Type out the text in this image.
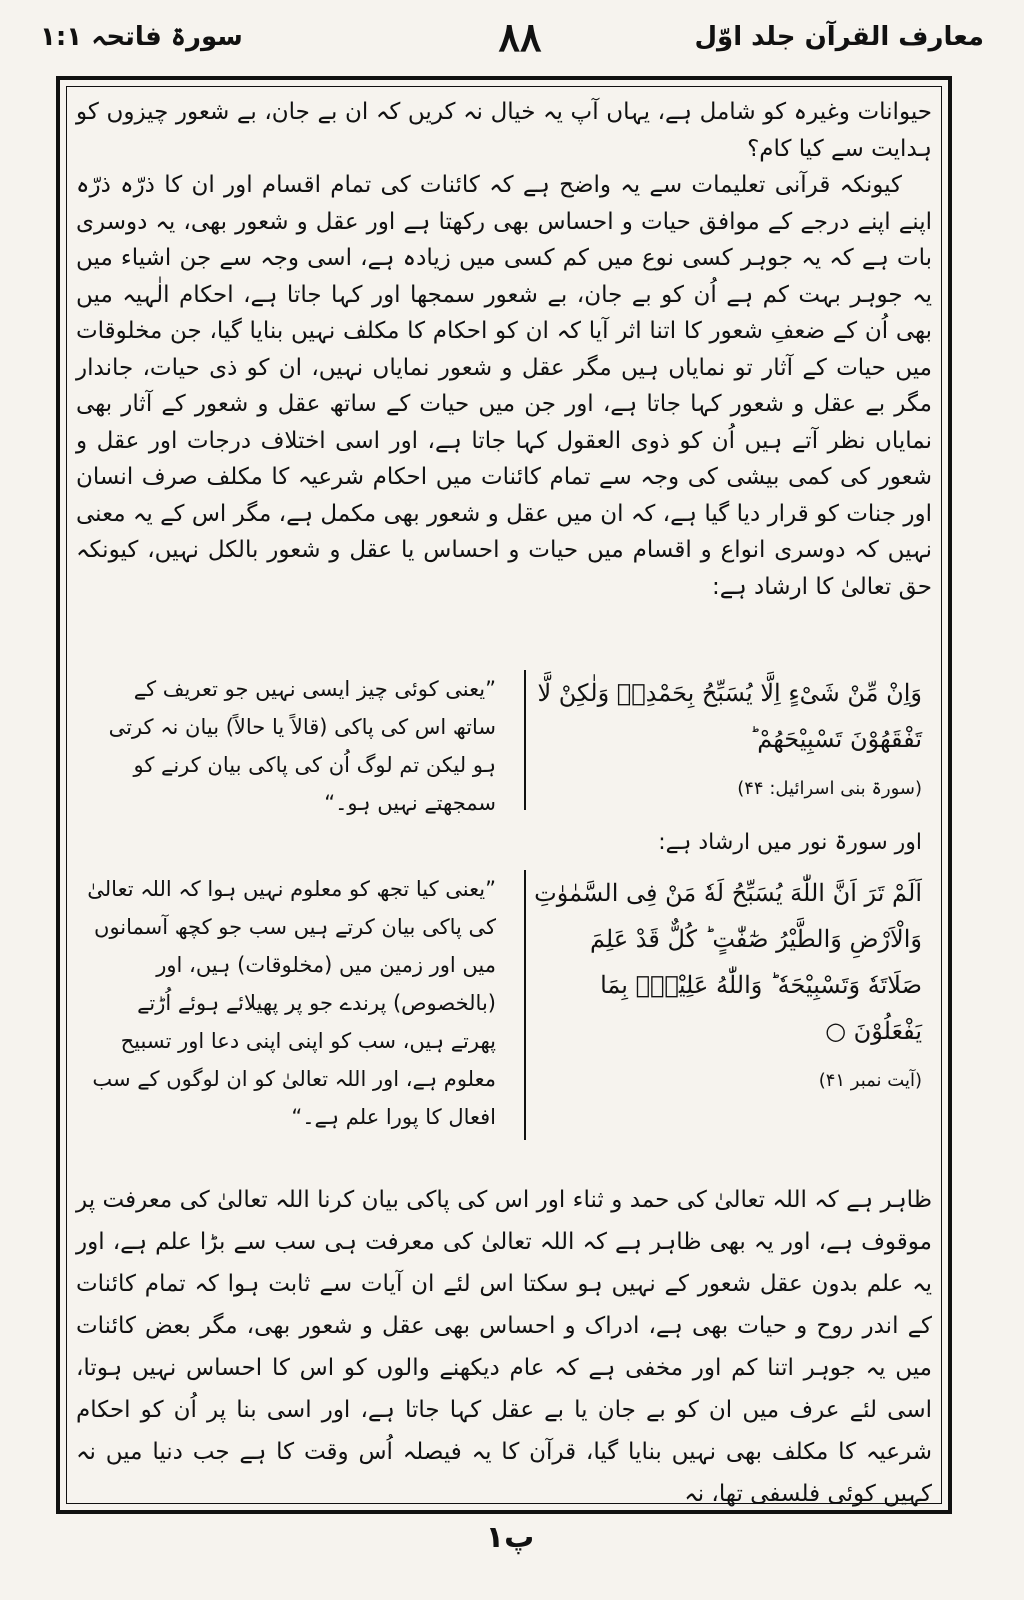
معارف القرآن جلد اوّل
٨٨
سورۃ فاتحہ ۱:۱

حیوانات وغیرہ کو شامل ہے، یہاں آپ یہ خیال نہ کریں کہ ان بے جان، بے شعور چیزوں کو ہدایت سے کیا کام؟

کیونکہ قرآنی تعلیمات سے یہ واضح ہے کہ کائنات کی تمام اقسام اور ان کا ذرّہ ذرّہ اپنے اپنے درجے کے موافق حیات و احساس بھی رکھتا ہے اور عقل و شعور بھی، یہ دوسری بات ہے کہ یہ جوہر کسی نوع میں کم کسی میں زیادہ ہے، اسی وجہ سے جن اشیاء میں یہ جوہر بہت کم ہے اُن کو بے جان، بے شعور سمجھا اور کہا جاتا ہے، احکام الٰہیہ میں بھی اُن کے ضعفِ شعور کا اتنا اثر آیا کہ ان کو احکام کا مکلف نہیں بنایا گیا، جن مخلوقات میں حیات کے آثار تو نمایاں ہیں مگر عقل و شعور نمایاں نہیں، ان کو ذی حیات، جاندار مگر بے عقل و شعور کہا جاتا ہے، اور جن میں حیات کے ساتھ عقل و شعور کے آثار بھی نمایاں نظر آتے ہیں اُن کو ذوی العقول کہا جاتا ہے، اور اسی اختلاف درجات اور عقل و شعور کی کمی بیشی کی وجہ سے تمام کائنات میں احکام شرعیہ کا مکلف صرف انسان اور جنات کو قرار دیا گیا ہے، کہ ان میں عقل و شعور بھی مکمل ہے، مگر اس کے یہ معنی نہیں کہ دوسری انواع و اقسام میں حیات و احساس یا عقل و شعور بالکل نہیں، کیونکہ حق تعالیٰ کا ارشاد ہے:

وَاِنْ مِّنْ شَیْءٍ اِلَّا یُسَبِّحُ بِحَمْدِهٖ وَلٰكِنْ لَّا تَفْقَهُوْنَ تَسْبِیْحَهُمْ ؕ
(سورۃ بنی اسرائیل: ۴۴)
”یعنی کوئی چیز ایسی نہیں جو تعریف کے ساتھ اس کی پاکی (قالاً یا حالاً) بیان نہ کرتی ہو لیکن تم لوگ اُن کی پاکی بیان کرنے کو سمجھتے نہیں ہو۔“
اور سورۃ نور میں ارشاد ہے:
اَلَمْ تَرَ اَنَّ اللّٰهَ یُسَبِّحُ لَهٗ مَنْ فِی السَّمٰوٰتِ وَالْاَرْضِ وَالطَّیْرُ صٰٓفّٰتٍ ؕ كُلٌّ قَدْ عَلِمَ صَلَاتَهٗ وَتَسْبِیْحَهٗ ؕ وَاللّٰهُ عَلِیْمٌۢ بِمَا یَفْعَلُوْنَ ○
(آیت نمبر ۴۱)
”یعنی کیا تجھ کو معلوم نہیں ہوا کہ اللہ تعالیٰ کی پاکی بیان کرتے ہیں سب جو کچھ آسمانوں میں اور زمین میں (مخلوقات) ہیں، اور (بالخصوص) پرندے جو پر پھیلائے ہوئے اُڑتے پھرتے ہیں، سب کو اپنی اپنی دعا اور تسبیح معلوم ہے، اور اللہ تعالیٰ کو ان لوگوں کے سب افعال کا پورا علم ہے۔“

ظاہر ہے کہ اللہ تعالیٰ کی حمد و ثناء اور اس کی پاکی بیان کرنا اللہ تعالیٰ کی معرفت پر موقوف ہے، اور یہ بھی ظاہر ہے کہ اللہ تعالیٰ کی معرفت ہی سب سے بڑا علم ہے، اور یہ علم بدون عقل شعور کے نہیں ہو سکتا اس لئے ان آیات سے ثابت ہوا کہ تمام کائنات کے اندر روح و حیات بھی ہے، ادراک و احساس بھی عقل و شعور بھی، مگر بعض کائنات میں یہ جوہر اتنا کم اور مخفی ہے کہ عام دیکھنے والوں کو اس کا احساس نہیں ہوتا، اسی لئے عرف میں ان کو بے جان یا بے عقل کہا جاتا ہے، اور اسی بنا پر اُن کو احکام شرعیہ کا مکلف بھی نہیں بنایا گیا، قرآن کا یہ فیصلہ اُس وقت کا ہے جب دنیا میں نہ کہیں کوئی فلسفی تھا، نہ

پ۱
